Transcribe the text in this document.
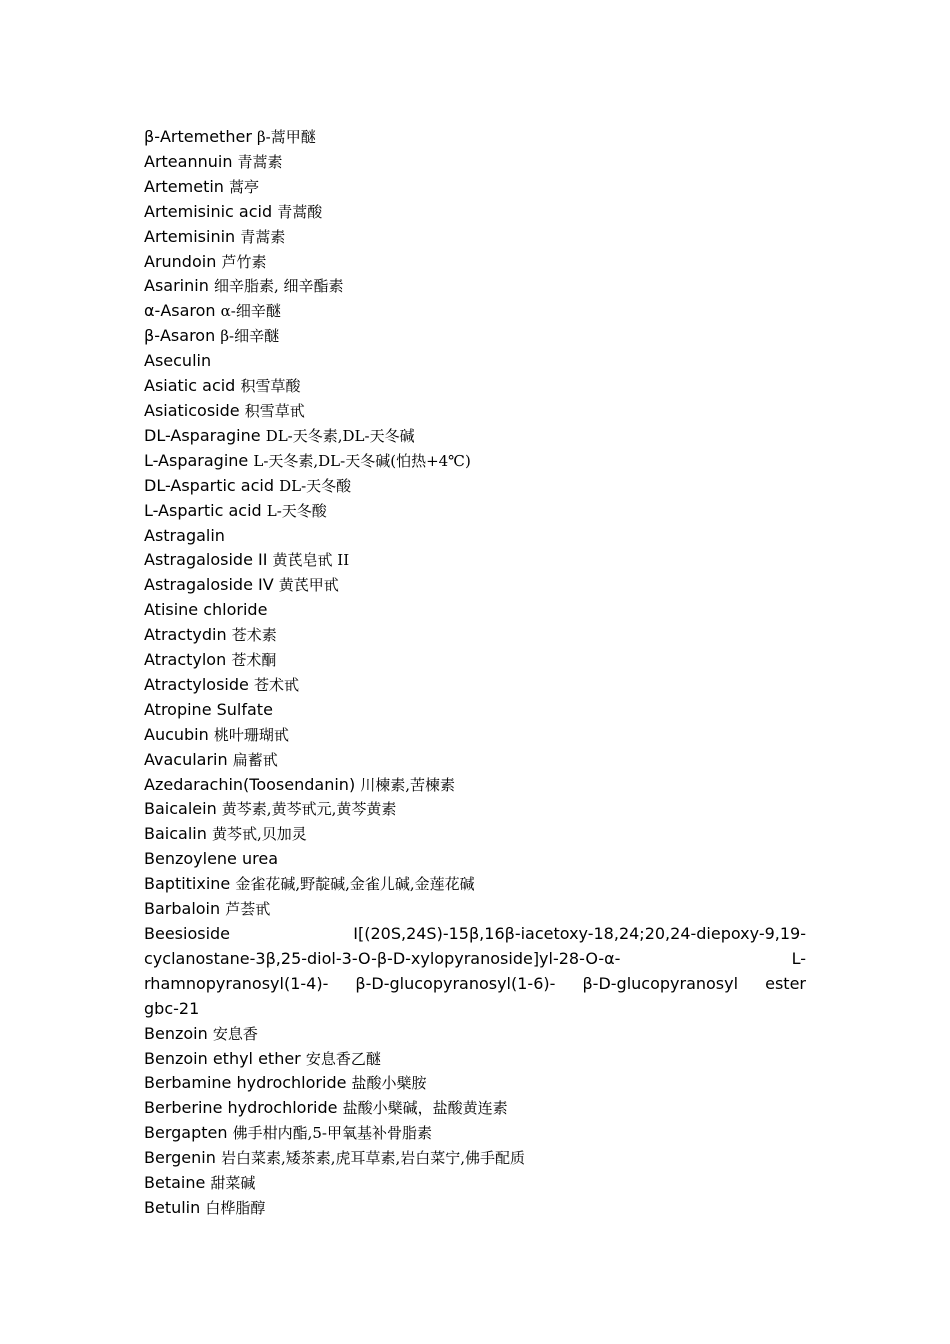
β-Artemether β-蒿甲醚
Arteannuin 青蒿素
Artemetin 蒿亭
Artemisinic acid 青蒿酸
Artemisinin 青蒿素
Arundoin 芦竹素
Asarinin 细辛脂素, 细辛酯素
α-Asaron α-细辛醚
β-Asaron β-细辛醚
Aseculin
Asiatic acid 积雪草酸
Asiaticoside 积雪草甙
DL-Asparagine DL-天冬素,DL-天冬碱
L-Asparagine L-天冬素,DL-天冬碱(怕热+4℃)
DL-Aspartic acid DL-天冬酸
L-Aspartic acid L-天冬酸
Astragalin
Astragaloside II 黄芪皂甙 II
Astragaloside IV 黄芪甲甙
Atisine chloride
Atractydin 苍术素
Atractylon 苍术酮
Atractyloside 苍术甙
Atropine Sulfate
Aucubin 桃叶珊瑚甙
Avacularin 扁蓄甙
Azedarachin(Toosendanin) 川楝素,苦楝素
Baicalein 黄芩素,黄芩甙元,黄芩黄素
Baicalin 黄芩甙,贝加灵
Benzoylene urea
Baptitixine 金雀花碱,野靛碱,金雀儿碱,金莲花碱
Barbaloin 芦荟甙
Beesioside	I[(20S,24S)-15β,16β-iacetoxy-18,24;20,24-diepoxy-9,19-
cyclanostane-3β,25-diol-3-O-β-D-xylopyranoside]yl-28-O-α-	L-
rhamnopyranosyl(1-4)- β-D-glucopyranosyl(1-6)- β-D-glucopyranosyl ester
gbc-21
Benzoin 安息香
Benzoin ethyl ether 安息香乙醚
Berbamine hydrochloride 盐酸小檗胺
Berberine hydrochloride 盐酸小檗碱，盐酸黄连素
Bergapten 佛手柑内酯,5-甲氧基补骨脂素
Bergenin 岩白菜素,矮茶素,虎耳草素,岩白菜宁,佛手配质
Betaine 甜菜碱
Betulin 白桦脂醇
